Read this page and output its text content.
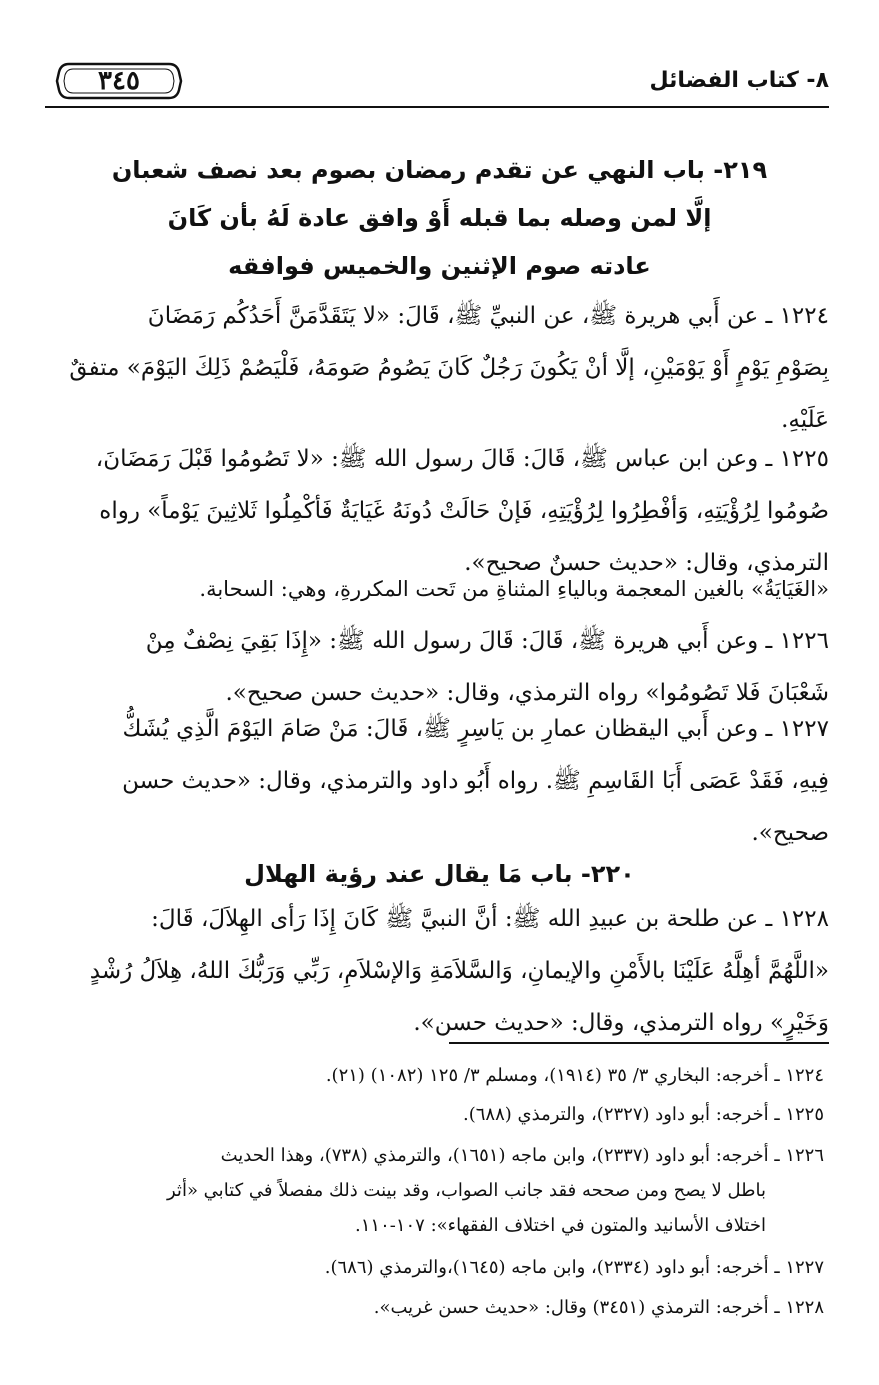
٨- كتاب الفضائل
٣٤٥
٢١٩- باب النهي عن تقدم رمضان بصوم بعد نصف شعبان
إلَّا لمن وصله بما قبله أَوْ وافق عادة لَهُ بأن كَانَ
عادته صوم الإثنين والخميس فوافقه
١٢٢٤ ـ عن أَبي هريرة ﷺ، عن النبيِّ ﷺ، قَالَ: «لا يَتَقَدَّمَنَّ أَحَدُكُم رَمَضَانَ
بِصَوْمِ يَوْمٍ أَوْ يَوْمَيْنِ، إلَّا أنْ يَكُونَ رَجُلٌ كَانَ يَصُومُ صَومَهُ، فَلْيَصُمْ ذَلِكَ اليَوْمَ» متفقٌ
عَلَيْهِ.
١٢٢٥ ـ وعن ابن عباس ﷺ، قَالَ: قَالَ رسول الله ﷺ: «لا تَصُومُوا قَبْلَ رَمَضَانَ،
صُومُوا لِرُؤْيَتِهِ، وَأفْطِرُوا لِرُؤْيَتِهِ، فَإنْ حَالَتْ دُونَهُ غَيَايَةٌ فَأكْمِلُوا ثَلاثِينَ يَوْماً» رواه
الترمذي، وقال: «حديث حسنٌ صحيح».
«الغَيَايَةُ» بالغين المعجمة وبالياءِ المثناةِ من تَحت المكررةِ، وهي: السحابة.
١٢٢٦ ـ وعن أَبي هريرة ﷺ، قَالَ: قَالَ رسول الله ﷺ: «إِذَا بَقِيَ نِصْفٌ مِنْ
شَعْبَانَ فَلا تَصُومُوا» رواه الترمذي، وقال: «حديث حسن صحيح».
١٢٢٧ ـ وعن أَبي اليقظان عمارِ بن يَاسِرٍ ﷺ، قَالَ: مَنْ صَامَ اليَوْمَ الَّذِي يُشَكُّ
فِيهِ، فَقَدْ عَصَى أَبَا القَاسِمِ ﷺ. رواه أَبُو داود والترمذي، وقال: «حديث حسن
صحيح».
٢٢٠- باب مَا يقال عند رؤية الهلال
١٢٢٨ ـ عن طلحة بن عبيدِ الله ﷺ: أنَّ النبيَّ ﷺ كَانَ إِذَا رَأى الهِلاَلَ، قَالَ:
«اللَّهُمَّ أهِلَّهُ عَلَيْنَا بالأَمْنِ والإيمانِ، وَالسَّلاَمَةِ وَالإسْلاَمِ، رَبِّي وَرَبُّكَ اللهُ، هِلاَلُ رُشْدٍ
وَخَيْرٍ» رواه الترمذي، وقال: «حديث حسن».
١٢٢٤ ـ أخرجه: البخاري ٣/ ٣٥ (١٩١٤)، ومسلم ٣/ ١٢٥ (١٠٨٢) (٢١).
١٢٢٥ ـ أخرجه: أبو داود (٢٣٢٧)، والترمذي (٦٨٨).
١٢٢٦ ـ أخرجه: أبو داود (٢٣٣٧)، وابن ماجه (١٦٥١)، والترمذي (٧٣٨)، وهذا الحديث
باطل لا يصح ومن صححه فقد جانب الصواب، وقد بينت ذلك مفصلاً في كتابي «أثر
اختلاف الأسانيد والمتون في اختلاف الفقهاء»: ١٠٧-١١٠.
١٢٢٧ ـ أخرجه: أبو داود (٢٣٣٤)، وابن ماجه (١٦٤٥)،والترمذي (٦٨٦).
١٢٢٨ ـ أخرجه: الترمذي (٣٤٥١) وقال: «حديث حسن غريب».
